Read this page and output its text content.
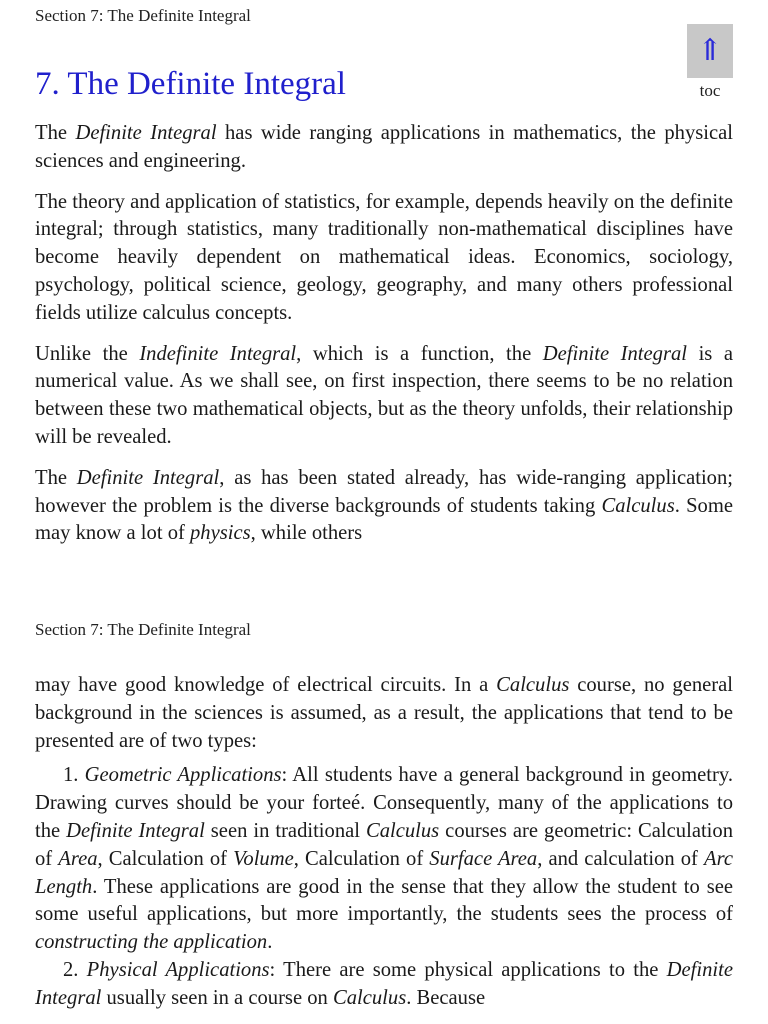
Section 7: The Definite Integral
⇑
toc
7. The Definite Integral

The Definite Integral has wide ranging applications in mathematics, the physical sciences and engineering.

The theory and application of statistics, for example, depends heavily on the definite integral; through statistics, many traditionally non-mathematical disciplines have become heavily dependent on mathematical ideas. Economics, sociology, psychology, political science, geology, geography, and many others professional fields utilize calculus concepts.

Unlike the Indefinite Integral, which is a function, the Definite Integral is a numerical value. As we shall see, on first inspection, there seems to be no relation between these two mathematical objects, but as the theory unfolds, their relationship will be revealed.

The Definite Integral, as has been stated already, has wide-ranging application; however the problem is the diverse backgrounds of students taking Calculus. Some may know a lot of physics, while others

Section 7: The Definite Integral

may have good knowledge of electrical circuits. In a Calculus course, no general background in the sciences is assumed, as a result, the applications that tend to be presented are of two types:

1. Geometric Applications: All students have a general background in geometry. Drawing curves should be your forteé. Consequently, many of the applications to the Definite Integral seen in traditional Calculus courses are geometric: Calculation of Area, Calculation of Volume, Calculation of Surface Area, and calculation of Arc Length. These applications are good in the sense that they allow the student to see some useful applications, but more importantly, the students sees the process of constructing the application.

2. Physical Applications: There are some physical applications to the Definite Integral usually seen in a course on Calculus. Because
